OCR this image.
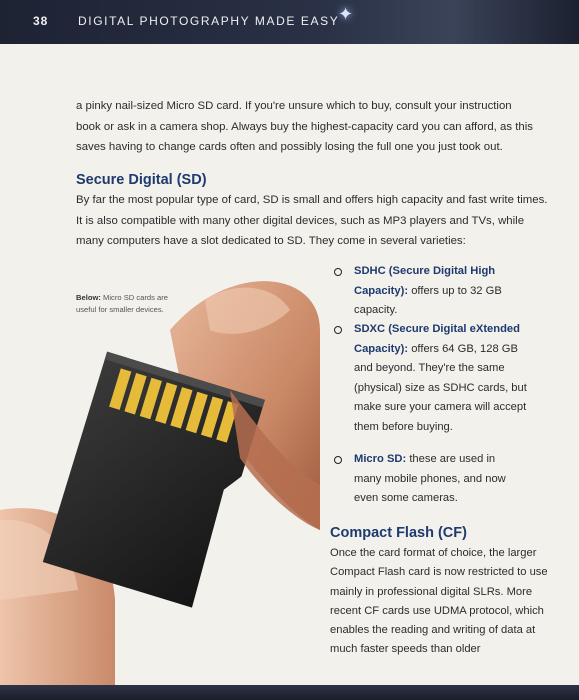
38 DIGITAL PHOTOGRAPHY MADE EASY
✦

a pinky nail-sized Micro SD card. If you're unsure which to buy, consult your instruction book or ask in a camera shop. Always buy the highest-capacity card you can afford, as this saves having to change cards often and possibly losing the full one you just took out.

Secure Digital (SD)

By far the most popular type of card, SD is small and offers high capacity and fast write times. It is also compatible with many other digital devices, such as MP3 players and TVs, while many computers have a slot dedicated to SD. They come in several varieties:

Below: Micro SD cards are useful for smaller devices.
SDHC (Secure Digital High Capacity): offers up to 32 GB capacity.
SDXC (Secure Digital eXtended Capacity): offers 64 GB, 128 GB and beyond. They're the same (physical) size as SDHC cards, but make sure your camera will accept them before buying.
Micro SD: these are used in many mobile phones, and now even some cameras.
Compact Flash (CF)

Once the card format of choice, the larger Compact Flash card is now restricted to use mainly in professional digital SLRs. More recent CF cards use UDMA protocol, which enables the reading and writing of data at much faster speeds than older
